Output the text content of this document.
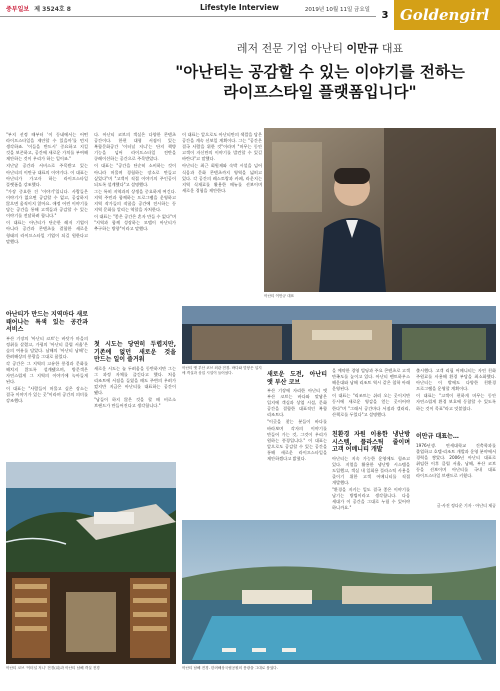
중부일보 제 3524호 8	Lifestyle Interview	2019년 10월 11일 금요일	3 Goldengirl
레저 전문 기업 아난티 이만규 대표
"아난티는 공감할 수 있는 이야기를 전하는
라이프스타일 플랫폼입니다"

"부지 선정 때부터 '이 동네에서는 어떤 라이프스타일을 제안할 수 있을까'를 먼저 생각하죠. '이들을 반드시' 중요하고 지킬 것을 보존하고, 공간에 새로운 가치를 부여해 제안하는 것이 우리가 하는 일이죠."

지난달 공간과 서비스로 주목받고 있는 아난티의 이만규 대표의 이야기다. 이 대표는 아난티가 가고자 하는 라이프스타일 플랫폼을 강조했다.

"가장 중요한 건 '이야기'입니다. 사람들은 이야기가 없으면 공감할 수 없고, 공감하지 않으면 움직이지 않아요. 애정 어린 이야기를 담는 공간을 통해 고객들과 공감할 수 있는 이야기를 전달하려 합니다."

이 대표는 아난티가 단순한 레저 기업이 아니라 공간과 콘텐츠를 결합한 새로운 형태의 라이프스타일 기업이 되길 원한다고 말했다.

아난티가 만드는 지역마다 새로 태어나는 특색 있는 공간과 서비스

부산 기장의 '아난티 코브'는 바닷가 마을의 정취를 살렸고, 가평의 '아난티 클럽 서울'은 숲의 여유를 담았다. 남해의 '아난티 남해'는 한려해상의 풍광을 그대로 품었다.

각 공간은 그 지역의 고유한 풍경과 문화를 해치지 않도록 설계됐으며, 방문객은 자연스럽게 그 지역의 이야기에 녹아들게 된다.

이 대표는 "사람들이 머물고 싶은 장소는 결국 이야기가 있는 곳"이라며 공간의 의미를 강조했다.

다. 아난티 코브의 객실은 다양한 콘텐츠 공간이다. 한편 대형 서점이 있는 복합문화공간 '이터널 저니'는 단지 책방 기능을 넘어 라이프스타일 전반을 큐레이션하는 공간으로 주목받았다.

이 대표는 "공간을 단순히 소비하는 것이 아니라 머물며 경험하는 장소로 만들고 싶었다"며 "고객이 직접 이야기의 주인공이 되도록 설계했다"고 설명했다.

그는 특히 지역과의 상생을 중요하게 여긴다. 지역 주민과 함께하는 프로그램을 운영하고 지역 작가들의 작품을 공간에 전시하는 등 지역 문화를 알리는 역할을 자처한다.

이 대표는 "좋은 공간은 혼자 만들 수 없다"며 "지역과 함께 성장하는 모델이 아난티가 추구하는 방향"이라고 말했다.

첫 시도는 당연히 두렵지만, 기존에 없던 새로운 것을 만드는 일이 즐거워

새로운 시도는 늘 두려움을 동반하지만 그는 그 과정 자체를 즐긴다고 했다. 처음 리조트에 서점을 들였을 때도 주변의 우려가 컸지만 지금은 아난티를 대표하는 공간이 됐다.

"남들이 하지 않은 것을 할 때 비로소 브랜드가 만들어진다고 생각합니다."

이 대표는 앞으로도 아난티만의 색깔을 담은 공간을 계속 선보일 계획이다. 그는 "공간은 결국 사람을 위한 것"이라며 "머무는 동안 고객이 자신만의 이야기를 발견할 수 있길 바란다"고 말했다.

아난티는 최근 회원제와 숙박 시설을 넘어 식음과 문화 콘텐츠까지 영역을 넓히고 있다. 각 공간의 레스토랑과 카페, 라운지는 지역 식재료를 활용한 메뉴를 선보이며 새로운 경험을 제안한다.

새로운 도전, 아난티 앳 부산 코브

부산 기장에 자리한 아난티 앳 부산 코브는 바다와 맞닿은 입지에 객실과 상업 시설, 문화 공간을 결합한 대표적인 복합 리조트다.

"이곳을 찾는 분들이 바다를 바라보며 각자의 이야기를 만들어 가는 것, 그것이 우리가 원하는 풍경입니다." 이 대표는 앞으로도 공감할 수 있는 공간을 통해 새로운 라이프스타일을 제안하겠다고 밝혔다.

을 예약한 경영 빌딩과 주요 콘텐츠로 고객 만족도를 높이고 있다. 아난티 펜트하우스 해운대와 남해 리조트 역시 같은 철학 아래 운영된다.

이 대표는 "리조트는 쉬러 오는 곳이지만 동시에 새로운 영감을 얻는 곳이어야 한다"며 "그래서 공간마다 서점과 갤러리, 산책로를 두었다"고 설명했다.

친환경 자원 이용한 냉난방 시스템, 플라스틱 줄이며 고객 어메니티 개발

아난티는 지속 가능한 운영에도 힘쓰고 있다. 지열을 활용한 냉난방 시스템을 도입했고, 객실 내 일회용 플라스틱 사용을 줄이기 위한 고객 어메니티를 직접 개발했다.

"환경을 지키는 일도 결국 좋은 이야기를 남기는 방법이라고 생각합니다. 다음 세대가 이 공간을 그대로 누릴 수 있어야 하니까요."

출시했다. 고객 리필 어메니티는 자연 친화 주원료를 사용해 환경 부담을 최소화했다. 아난티는 이 밖에도 다양한 친환경 프로그램을 운영할 계획이다.

이 대표는 "고객이 편하게 머무는 동안 자연스럽게 환경 보호에 동참할 수 있도록 하는 것이 목표"라고 덧붙였다.

이만규 대표는…

1976년생. 연세대학교 건축학과를 졸업하고 호텔·리조트 개발과 운영 분야에서 경력을 쌓았다. 2006년 아난티 대표로 취임한 이후 클럽 서울, 남해, 부산 코브 등을 선보이며 아난티를 국내 대표 라이프스타일 브랜드로 키웠다.

글·사진 정다운 기자 · 아난티 제공
아난티 이만규 대표
아난티 코브 '이터널 저니' 전경(위)과 아난티 남해 객실 전경
아난티 앳 부산 코브 외관 전경. 바다와 맞닿은 입지에 객실과 상업 시설이 들어섰다.
아난티 남해 전경. 한려해상국립공원의 풍광을 그대로 품었다.
